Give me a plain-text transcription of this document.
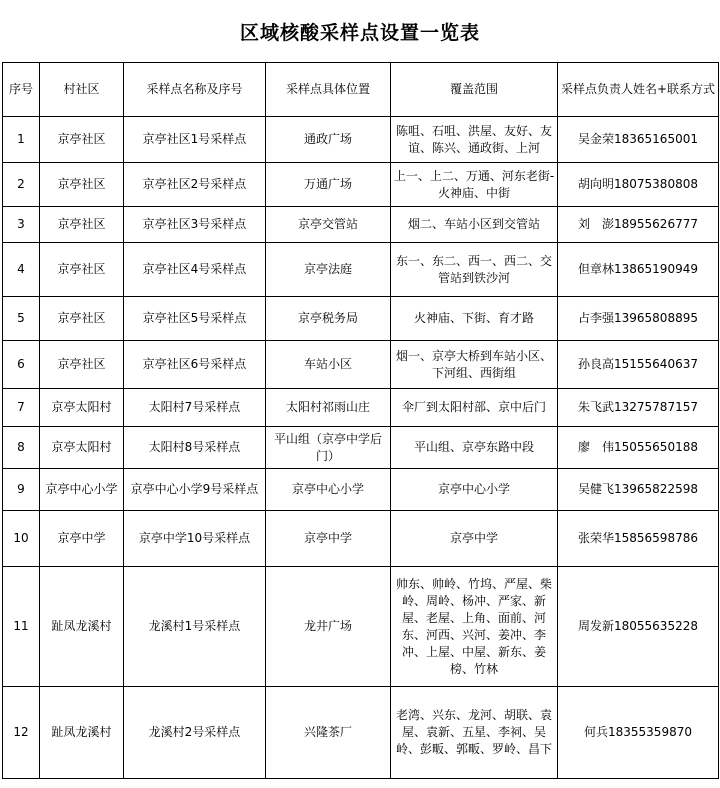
区域核酸采样点设置一览表
序号	村社区	采样点名称及序号	采样点具体位置	覆盖范围	采样点负责人姓名+联系方式
1	京亭社区	京亭社区1号采样点	通政广场	陈咀、石咀、洪屋、友好、友谊、陈兴、通政街、上河	吴金荣18365165001
2	京亭社区	京亭社区2号采样点	万通广场	上一、上二、万通、河东老街-火神庙、中街	胡向明18075380808
3	京亭社区	京亭社区3号采样点	京亭交管站	烟二、车站小区到交管站	刘　澎18955626777
4	京亭社区	京亭社区4号采样点	京亭法庭	东一、东二、西一、西二、交管站到铁沙河	但章林13865190949
5	京亭社区	京亭社区5号采样点	京亭税务局	火神庙、下街、育才路	占李强13965808895
6	京亭社区	京亭社区6号采样点	车站小区	烟一、京亭大桥到车站小区、下河组、西街组	孙良高15155640637
7	京亭太阳村	太阳村7号采样点	太阳村祁雨山庄	伞厂到太阳村部、京中后门	朱飞武13275787157
8	京亭太阳村	太阳村8号采样点	平山组（京亭中学后门）	平山组、京亭东路中段	廖　伟15055650188
9	京亭中心小学	京亭中心小学9号采样点	京亭中心小学	京亭中心小学	吴健飞13965822598
10	京亭中学	京亭中学10号采样点	京亭中学	京亭中学	张荣华15856598786
11	趾凤龙溪村	龙溪村1号采样点	龙井广场	帅东、帅岭、竹坞、严屋、柴岭、周岭、杨冲、严家、新屋、老屋、上角、面前、河东、河西、兴河、姜冲、李冲、上屋、中屋、新东、姜榜、竹林	周发新18055635228
12	趾凤龙溪村	龙溪村2号采样点	兴隆茶厂	老湾、兴东、龙河、胡联、袁屋、袁新、五星、李祠、吴岭、彭畈、郭畈、罗岭、昌下	何兵18355359870
